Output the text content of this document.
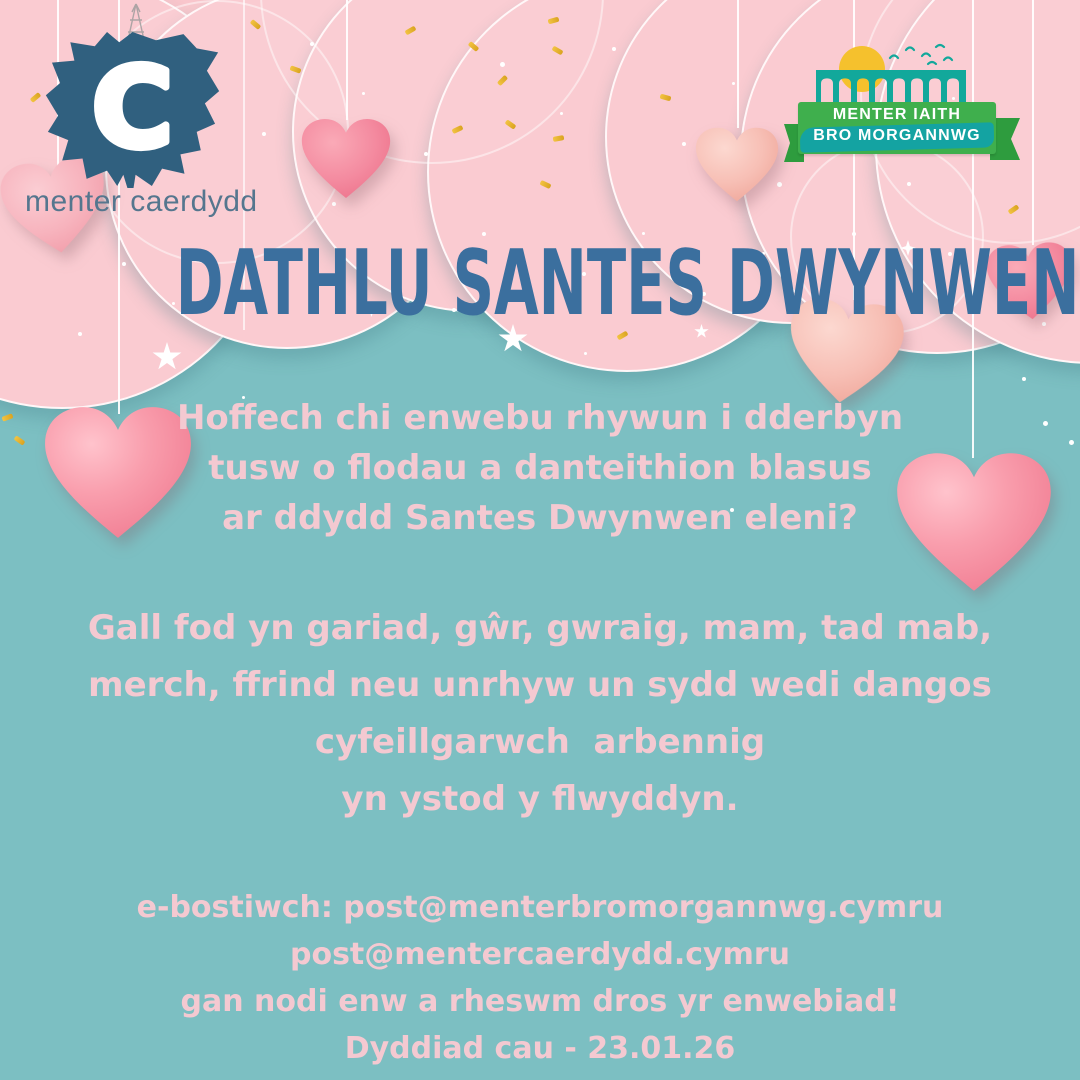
C
menter caerdydd
MENTER IAITH
BRO MORGANNWG
DATHLU SANTES DWYNWEN
Hoffech chi enwebu rhywun i dderbyn
tusw o flodau a danteithion blasus
ar ddydd Santes Dwynwen eleni?
Gall fod yn gariad, gŵr, gwraig, mam, tad mab,
merch, ffrind neu unrhyw un sydd wedi dangos
cyfeillgarwch  arbennig
yn ystod y flwyddyn.
e-bostiwch: post@menterbromorgannwg.cymru
post@mentercaerdydd.cymru
gan nodi enw a rheswm dros yr enwebiad!
Dyddiad cau - 23.01.26
